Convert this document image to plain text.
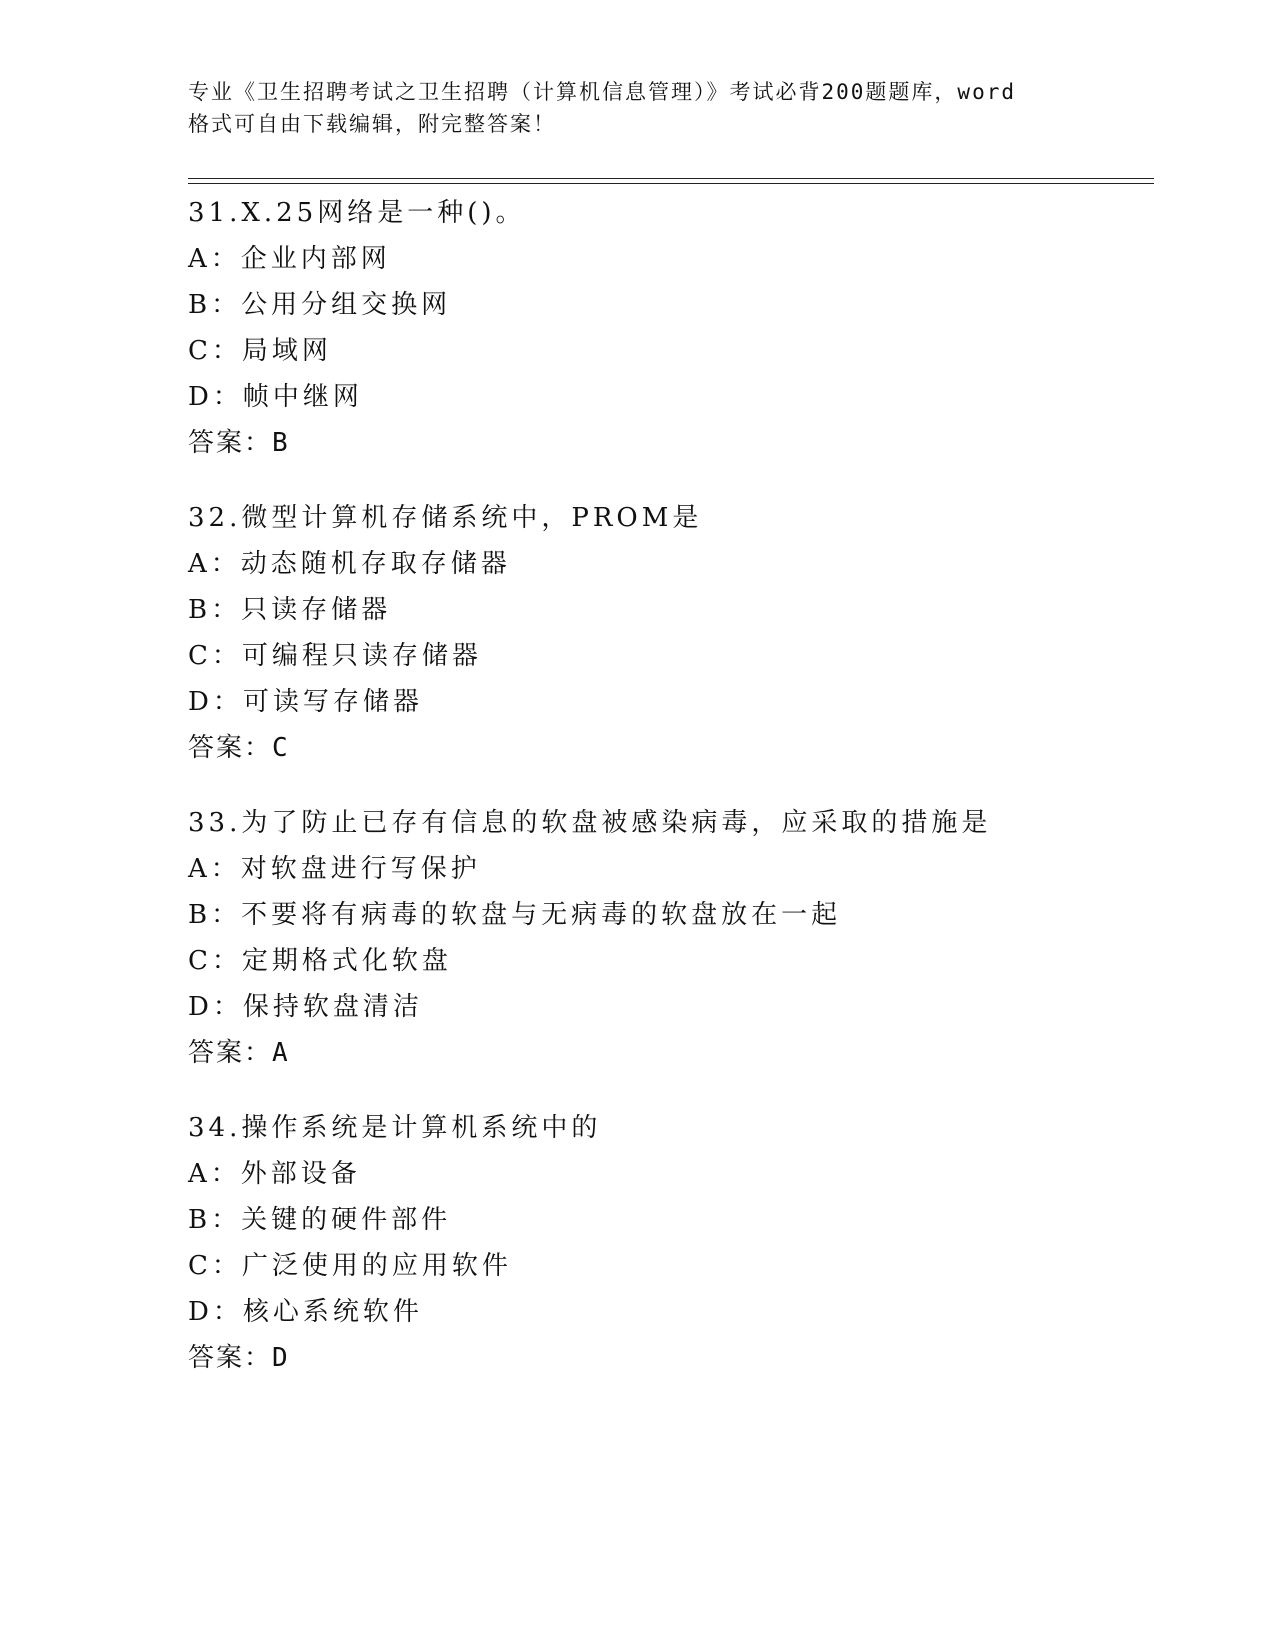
专业《卫生招聘考试之卫生招聘（计算机信息管理）》考试必背200题题库，word
格式可自由下载编辑，附完整答案！
31.X.25网络是一种()。
A：企业内部网
B：公用分组交换网
C：局域网
D：帧中继网
答案：B
32.微型计算机存储系统中，PROM是
A：动态随机存取存储器
B：只读存储器
C：可编程只读存储器
D：可读写存储器
答案：C
33.为了防止已存有信息的软盘被感染病毒，应采取的措施是
A：对软盘进行写保护
B：不要将有病毒的软盘与无病毒的软盘放在一起
C：定期格式化软盘
D：保持软盘清洁
答案：A
34.操作系统是计算机系统中的
A：外部设备
B：关键的硬件部件
C：广泛使用的应用软件
D：核心系统软件
答案：D
